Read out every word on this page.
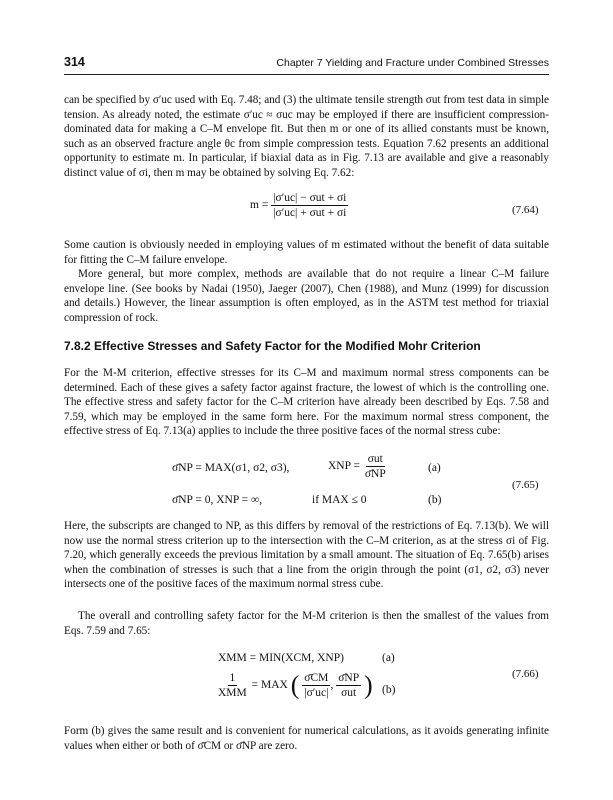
314	Chapter 7 Yielding and Fracture under Combined Stresses

can be specified by σ′uc used with Eq. 7.48; and (3) the ultimate tensile strength σut from test data in simple tension. As already noted, the estimate σ′uc ≈ σuc may be employed if there are insufficient compression-dominated data for making a C–M envelope fit. But then m or one of its allied constants must be known, such as an observed fracture angle θc from simple compression tests. Equation 7.62 presents an additional opportunity to estimate m. In particular, if biaxial data as in Fig. 7.13 are available and give a reasonably distinct value of σi, then m may be obtained by solving Eq. 7.62:

$m = \frac{\text{|σ′uc| − σut + σi}}{\text{|σ′uc| + σut + σi}}$	(7.64)

Some caution is obviously needed in employing values of m estimated without the benefit of data suitable for fitting the C–M failure envelope.

More general, but more complex, methods are available that do not require a linear C–M failure envelope line. (See books by Nadai (1950), Jaeger (2007), Chen (1988), and Munz (1999) for discussion and details.) However, the linear assumption is often employed, as in the ASTM test method for triaxial compression of rock.

7.8.2 Effective Stresses and Safety Factor for the Modified Mohr Criterion

For the M-M criterion, effective stresses for its C–M and maximum normal stress components can be determined. Each of these gives a safety factor against fracture, the lowest of which is the controlling one. The effective stress and safety factor for the C–M criterion have already been described by Eqs. 7.58 and 7.59, which may be employed in the same form here. For the maximum normal stress component, the effective stress of Eq. 7.13(a) applies to include the three positive faces of the normal stress cube:

σ̄NP = MAX(σ1, σ2, σ3),	XNP = $\frac{\text{σut}}{\sigmāNP}$	(a)
σ̄NP = 0, XNP = ∞,	if MAX ≤ 0	(b)
(7.65)

Here, the subscripts are changed to NP, as this differs by removal of the restrictions of Eq. 7.13(b). We will now use the normal stress criterion up to the intersection with the C–M criterion, as at the stress σi of Fig. 7.20, which generally exceeds the previous limitation by a small amount. The situation of Eq. 7.65(b) arises when the combination of stresses is such that a line from the origin through the point (σ1, σ2, σ3) never intersects one of the positive faces of the maximum normal stress cube.

The overall and controlling safety factor for the M-M criterion is then the smallest of the values from Eqs. 7.59 and 7.65:

XMM = MIN(XCM, XNP)	(a)
$\frac{1}{\text{XMM}}$ = MAX ( $\frac{\sigmāCM}{|\sigma'uc|}$ , $\frac{\sigmāNP}{\text{σut}}$ ) (b)
(7.66)

Form (b) gives the same result and is convenient for numerical calculations, as it avoids generating infinite values when either or both of σ̄CM or σ̄NP are zero.
